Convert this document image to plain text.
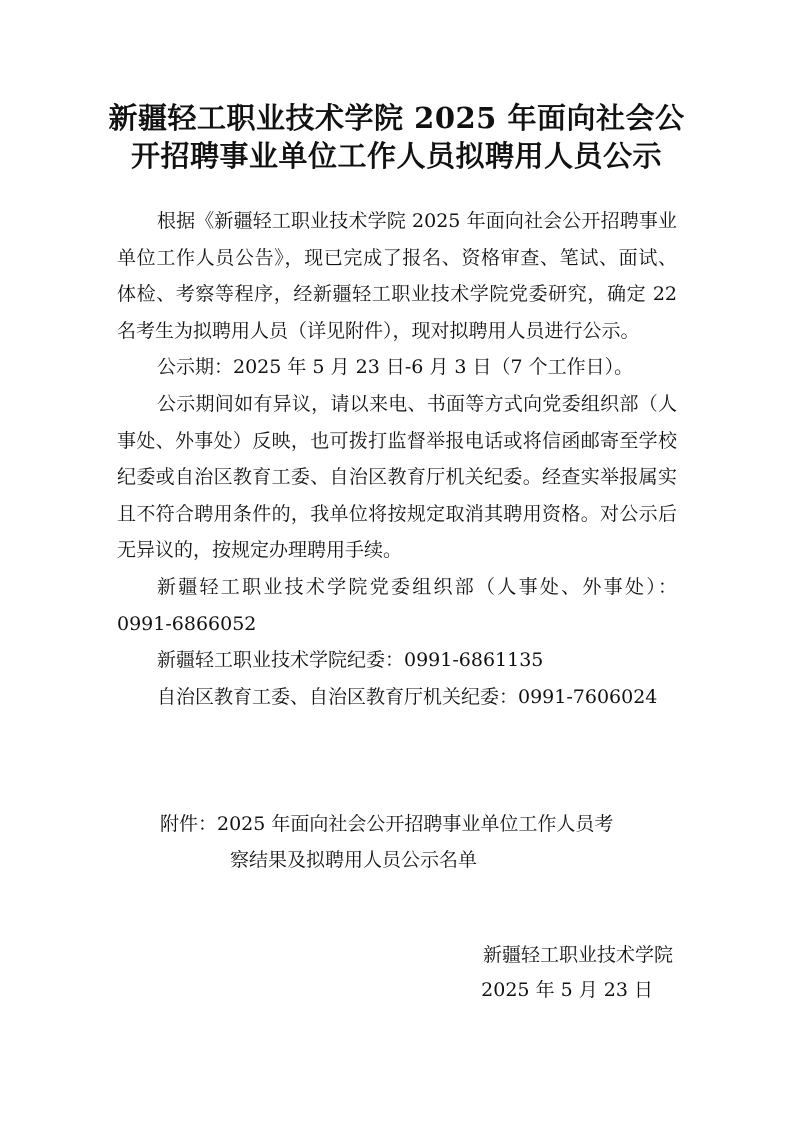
新疆轻工职业技术学院 2025 年面向社会公
开招聘事业单位工作人员拟聘用人员公示

根据《新疆轻工职业技术学院 2025 年面向社会公开招聘事业单位工作人员公告》，现已完成了报名、资格审查、笔试、面试、体检、考察等程序，经新疆轻工职业技术学院党委研究，确定 22 名考生为拟聘用人员（详见附件），现对拟聘用人员进行公示。

公示期：2025 年 5 月 23 日-6 月 3 日（7 个工作日）。

公示期间如有异议，请以来电、书面等方式向党委组织部（人事处、外事处）反映，也可拨打监督举报电话或将信函邮寄至学校纪委或自治区教育工委、自治区教育厅机关纪委。经查实举报属实且不符合聘用条件的，我单位将按规定取消其聘用资格。对公示后无异议的，按规定办理聘用手续。

新疆轻工职业技术学院党委组织部（人事处、外事处）：0991-6866052

新疆轻工职业技术学院纪委：0991-6861135

自治区教育工委、自治区教育厅机关纪委：0991-7606024

附件：2025 年面向社会公开招聘事业单位工作人员考
察结果及拟聘用人员公示名单
新疆轻工职业技术学院
2025 年 5 月 23 日
